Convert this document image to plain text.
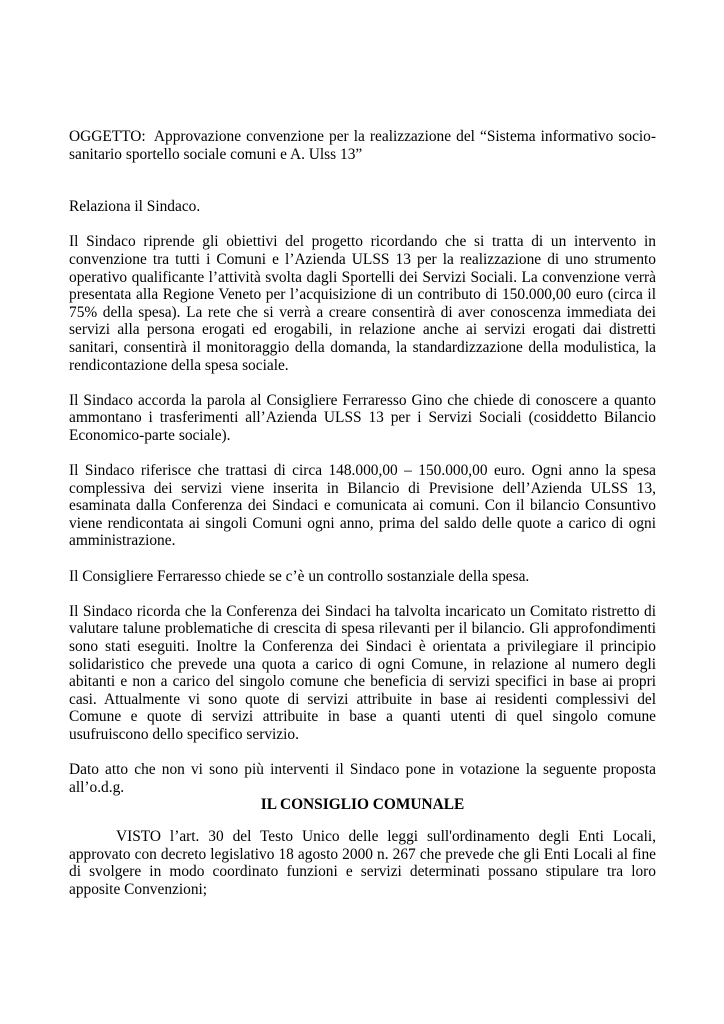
OGGETTO: Approvazione convenzione per la realizzazione del “Sistema informativo socio-sanitario sportello sociale comuni e A. Ulss 13”

Relaziona il Sindaco.

Il Sindaco riprende gli obiettivi del progetto ricordando che si tratta di un intervento in convenzione tra tutti i Comuni e l’Azienda ULSS 13 per la realizzazione di uno strumento operativo qualificante l’attività svolta dagli Sportelli dei Servizi Sociali. La convenzione verrà presentata alla Regione Veneto per l’acquisizione di un contributo di 150.000,00 euro (circa il 75% della spesa). La rete che si verrà a creare consentirà di aver conoscenza immediata dei servizi alla persona erogati ed erogabili, in relazione anche ai servizi erogati dai distretti sanitari, consentirà il monitoraggio della domanda, la standardizzazione della modulistica, la rendicontazione della spesa sociale.

Il Sindaco accorda la parola al Consigliere Ferraresso Gino che chiede di conoscere a quanto ammontano i trasferimenti all’Azienda ULSS 13 per i Servizi Sociali (cosiddetto Bilancio Economico-parte sociale).

Il Sindaco riferisce che trattasi di circa 148.000,00 – 150.000,00 euro. Ogni anno la spesa complessiva dei servizi viene inserita in Bilancio di Previsione dell’Azienda ULSS 13, esaminata dalla Conferenza dei Sindaci e comunicata ai comuni. Con il bilancio Consuntivo viene rendicontata ai singoli Comuni ogni anno, prima del saldo delle quote a carico di ogni amministrazione.

Il Consigliere Ferraresso chiede se c’è un controllo sostanziale della spesa.

Il Sindaco ricorda che la Conferenza dei Sindaci ha talvolta incaricato un Comitato ristretto di valutare talune problematiche di crescita di spesa rilevanti per il bilancio. Gli approfondimenti sono stati eseguiti. Inoltre la Conferenza dei Sindaci è orientata a privilegiare il principio solidaristico che prevede una quota a carico di ogni Comune, in relazione al numero degli abitanti e non a carico del singolo comune che beneficia di servizi specifici in base ai propri casi. Attualmente vi sono quote di servizi attribuite in base ai residenti complessivi del Comune e quote di servizi attribuite in base a quanti utenti di quel singolo comune usufruiscono dello specifico servizio.

Dato atto che non vi sono più interventi il Sindaco pone in votazione la seguente proposta all’o.d.g.

IL CONSIGLIO COMUNALE

VISTO l’art. 30 del Testo Unico delle leggi sull'ordinamento degli Enti Locali, approvato con decreto legislativo 18 agosto 2000 n. 267 che prevede che gli Enti Locali al fine di svolgere in modo coordinato funzioni e servizi determinati possano stipulare tra loro apposite Convenzioni;
